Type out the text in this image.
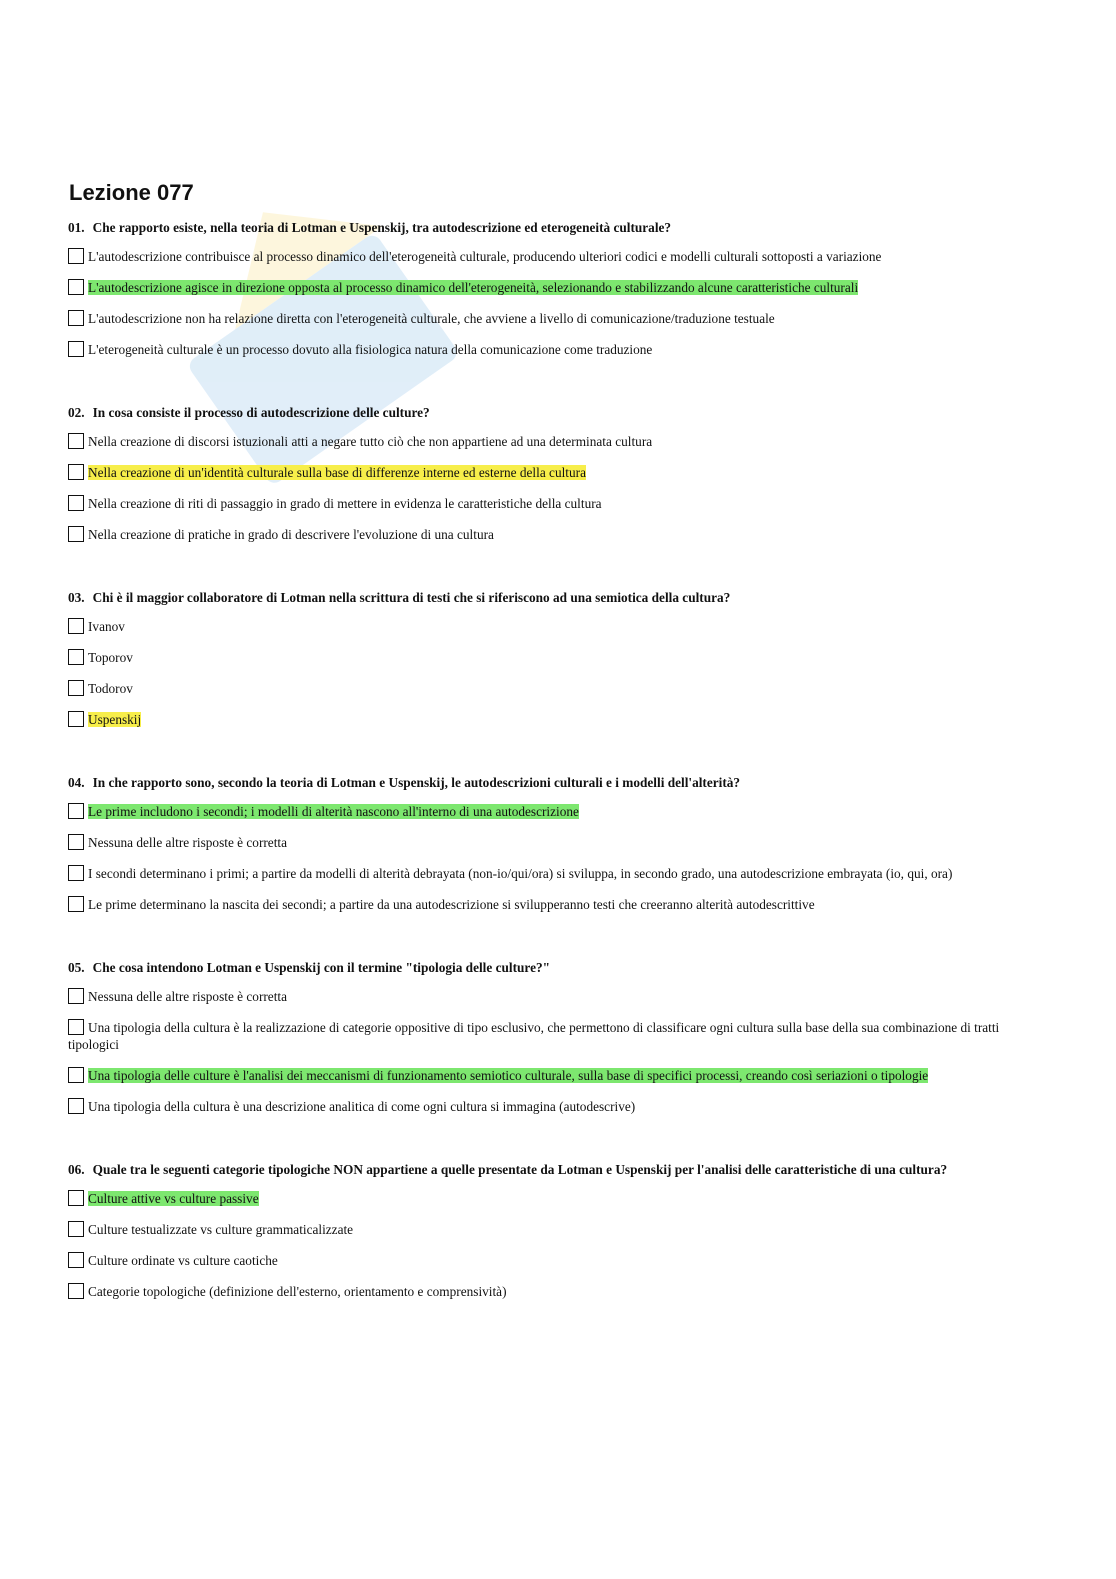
Lezione 077
01. Che rapporto esiste, nella teoria di Lotman e Uspenskij, tra autodescrizione ed eterogeneità culturale?
L'autodescrizione contribuisce al processo dinamico dell'eterogeneità culturale, producendo ulteriori codici e modelli culturali sottoposti a variazione
L'autodescrizione agisce in direzione opposta al processo dinamico dell'eterogeneità, selezionando e stabilizzando alcune caratteristiche culturali
L'autodescrizione non ha relazione diretta con l'eterogeneità culturale, che avviene a livello di comunicazione/traduzione testuale
L'eterogeneità culturale è un processo dovuto alla fisiologica natura della comunicazione come traduzione
02. In cosa consiste il processo di autodescrizione delle culture?
Nella creazione di discorsi istuzionali atti a negare tutto ciò che non appartiene ad una determinata cultura
Nella creazione di un'identità culturale sulla base di differenze interne ed esterne della cultura
Nella creazione di riti di passaggio in grado di mettere in evidenza le caratteristiche della cultura
Nella creazione di pratiche in grado di descrivere l'evoluzione di una cultura
03. Chi è il maggior collaboratore di Lotman nella scrittura di testi che si riferiscono ad una semiotica della cultura?
Ivanov
Toporov
Todorov
Uspenskij
04. In che rapporto sono, secondo la teoria di Lotman e Uspenskij, le autodescrizioni culturali e i modelli dell'alterità?
Le prime includono i secondi; i modelli di alterità nascono all'interno di una autodescrizione
Nessuna delle altre risposte è corretta
I secondi determinano i primi; a partire da modelli di alterità debrayata (non-io/qui/ora) si sviluppa, in secondo grado, una autodescrizione embrayata (io, qui, ora)
Le prime determinano la nascita dei secondi; a partire da una autodescrizione si svilupperanno testi che creeranno alterità autodescrittive
05. Che cosa intendono Lotman e Uspenskij con il termine "tipologia delle culture?"
Nessuna delle altre risposte è corretta
Una tipologia della cultura è la realizzazione di categorie oppositive di tipo esclusivo, che permettono di classificare ogni cultura sulla base della sua combinazione di tratti tipologici
Una tipologia delle culture è l'analisi dei meccanismi di funzionamento semiotico culturale, sulla base di specifici processi, creando così seriazioni o tipologie
Una tipologia della cultura è una descrizione analitica di come ogni cultura si immagina (autodescrive)
06. Quale tra le seguenti categorie tipologiche NON appartiene a quelle presentate da Lotman e Uspenskij per l'analisi delle caratteristiche di una cultura?
Culture attive vs culture passive
Culture testualizzate vs culture grammaticalizzate
Culture ordinate vs culture caotiche
Categorie topologiche (definizione dell'esterno, orientamento e comprensività)
